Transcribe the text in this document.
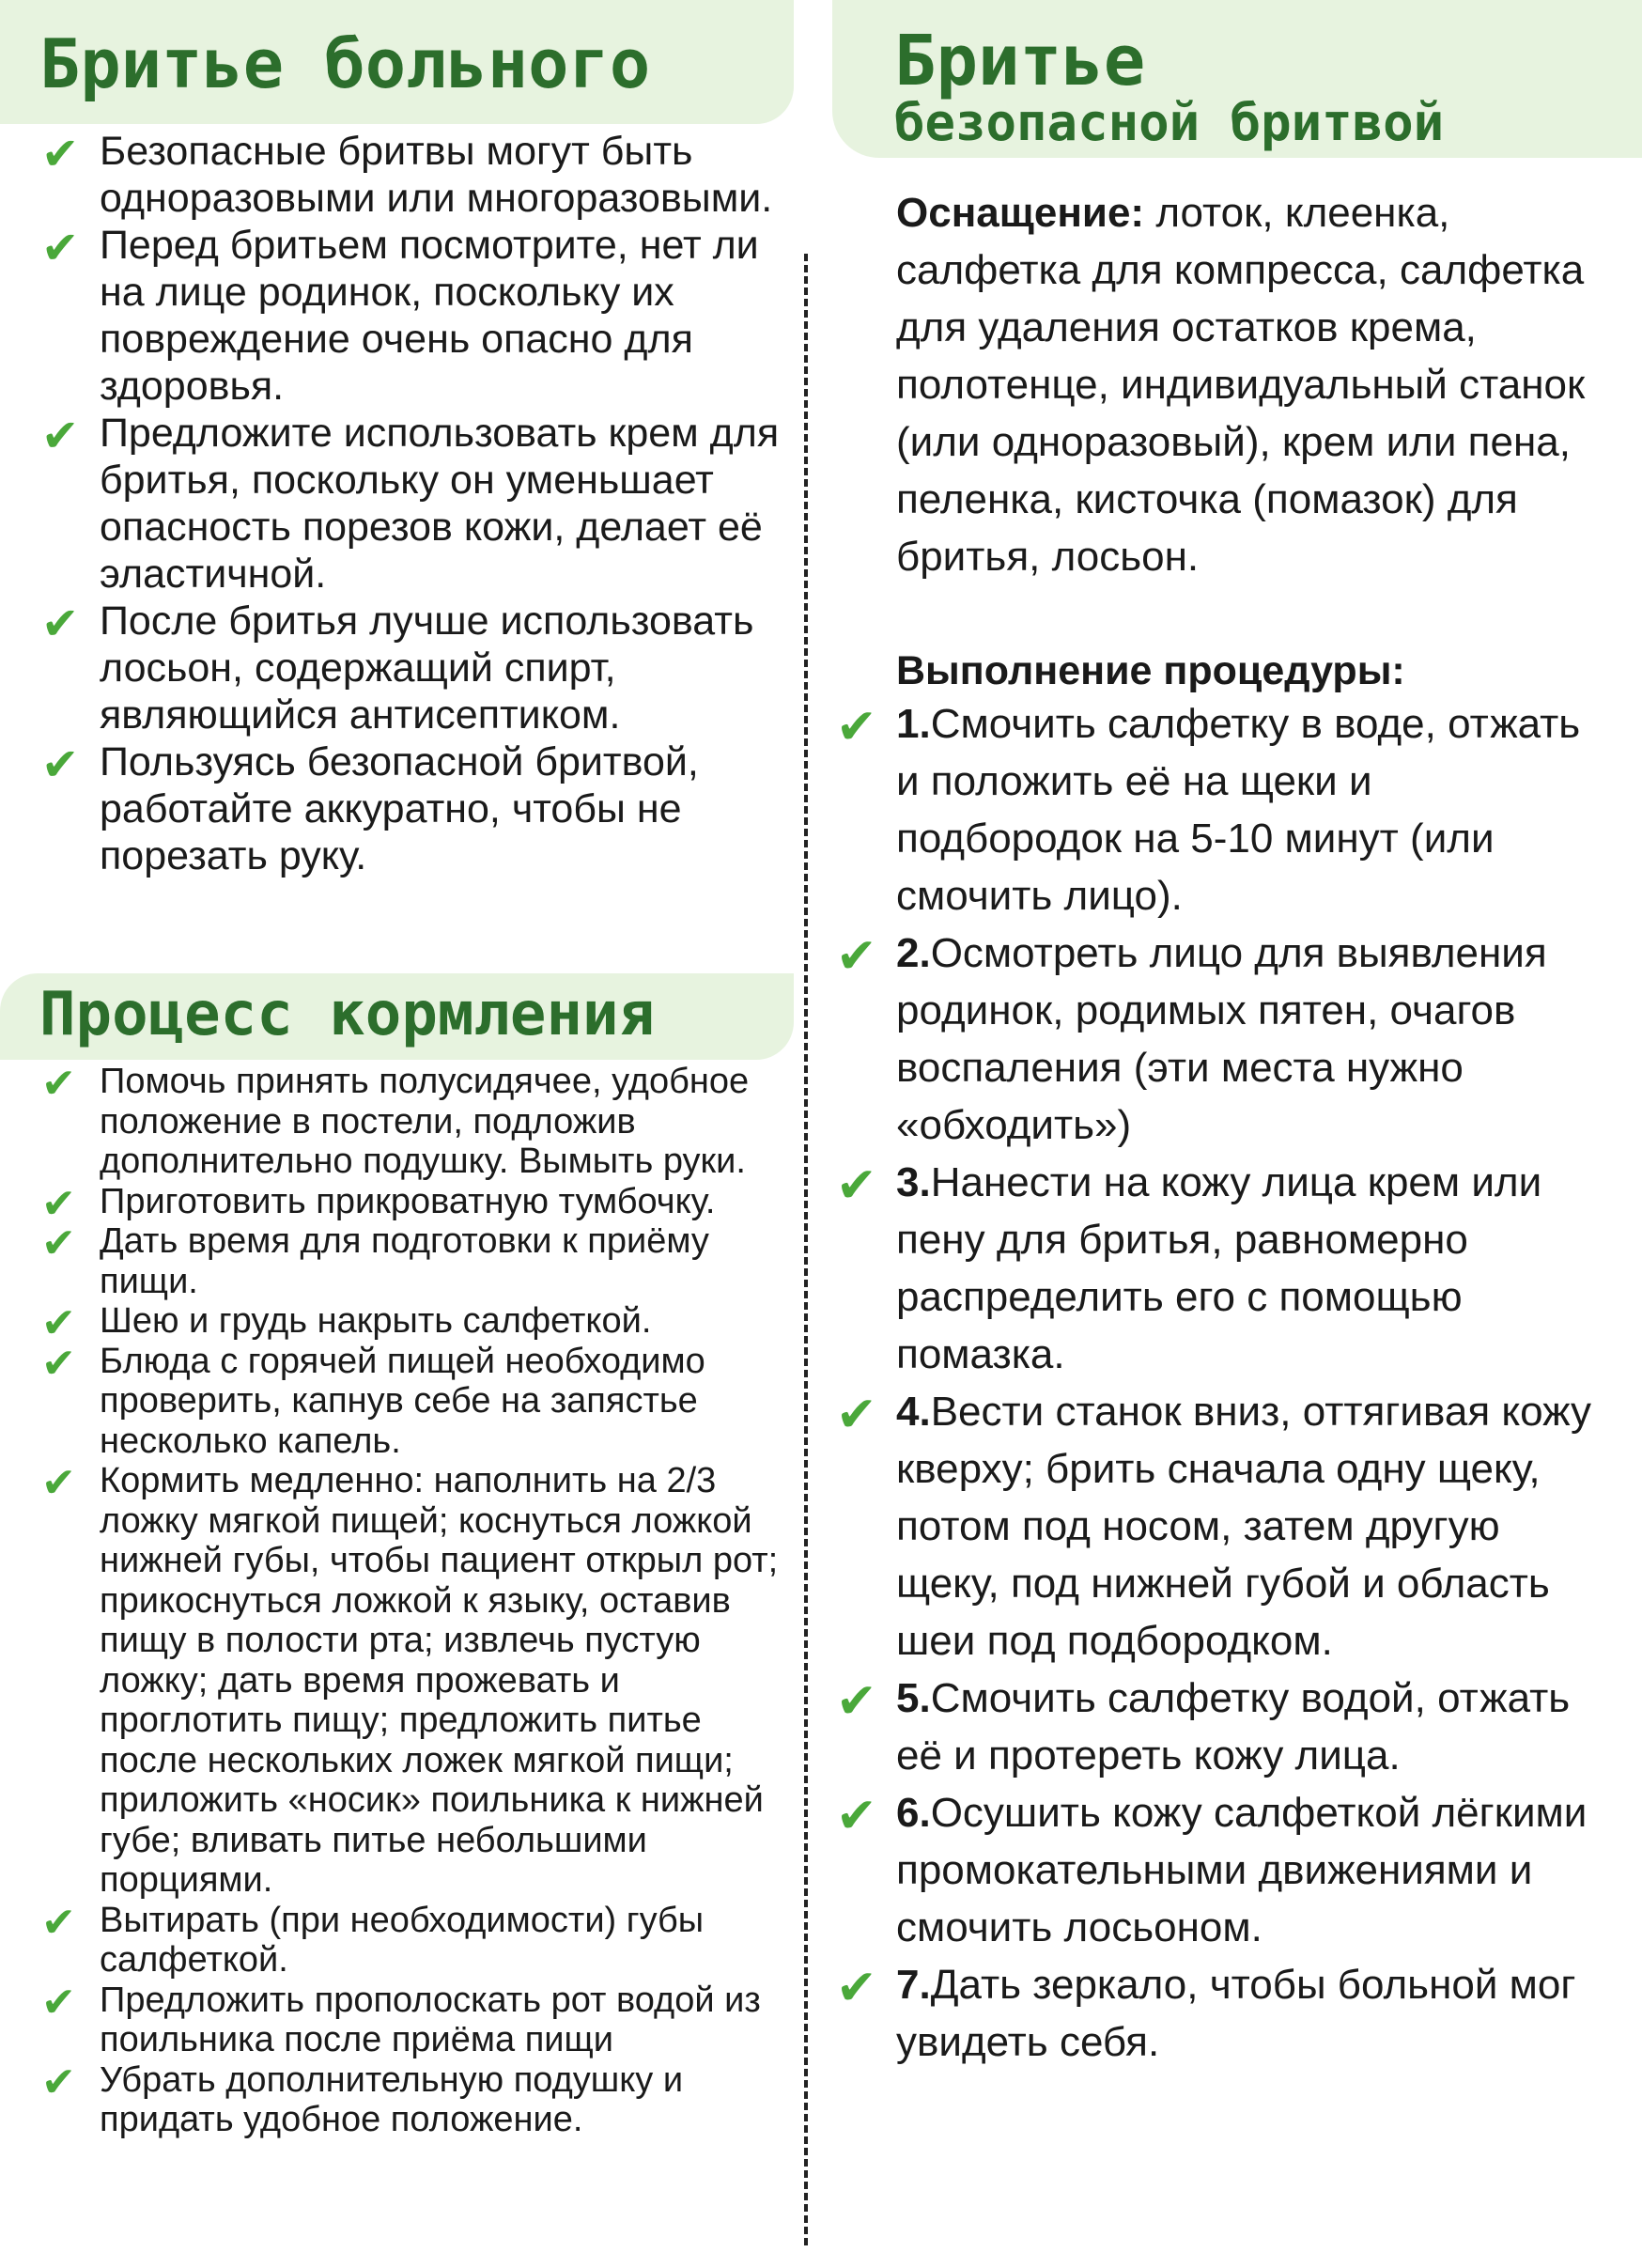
Бритье больного
✔ Безопасные бритвы могут быть одноразовыми или многоразовыми.
✔ Перед бритьем посмотрите, нет ли на лице родинок, поскольку их повреждение очень опасно для здоровья.
✔ Предложите использовать крем для бритья, поскольку он уменьшает опасность порезов кожи, делает её эластичной.
✔ После бритья лучше использовать лосьон, содержащий спирт, являющийся антисептиком.
✔ Пользуясь безопасной бритвой, работайте аккуратно, чтобы не порезать руку.
Процесс кормления
✔ Помочь принять полусидячее, удобное положение в постели, подложив дополнительно подушку. Вымыть руки.
✔ Приготовить прикроватную тумбочку.
✔ Дать время для подготовки к приёму пищи.
✔ Шею и грудь накрыть салфеткой.
✔ Блюда с горячей пищей необходимо проверить, капнув себе на запястье несколько капель.
✔ Кормить медленно: наполнить на 2/3 ложку мягкой пищей; коснуться ложкой нижней губы, чтобы пациент открыл рот; прикоснуться ложкой к языку, оставив пищу в полости рта; извлечь пустую ложку; дать время прожевать и проглотить пищу; предложить питье после нескольких ложек мягкой пищи; приложить «носик» поильника к нижней губе; вливать питье небольшими порциями.
✔ Вытирать (при необходимости) губы салфеткой.
✔ Предложить прополоскать рот водой из поильника после приёма пищи
✔ Убрать дополнительную подушку и придать удобное положение.
Бритье
безопасной бритвой

Оснащение: лоток, клеенка, салфетка для компресса, салфетка для удаления остатков крема, полотенце, индивидуальный станок (или одноразовый), крем или пена, пеленка, кисточка (помазок) для бритья, лосьон.

Выполнение процедуры:

✔ 1.Смочить салфетку в воде, отжать и положить её на щеки и подбородок на 5-10 минут (или смочить лицо).
✔ 2.Осмотреть лицо для выявления родинок, родимых пятен, очагов воспаления (эти места нужно «обходить»)
✔ 3.Нанести на кожу лица крем или пену для бритья, равномерно распределить его с помощью помазка.
✔ 4.Вести станок вниз, оттягивая кожу кверху; брить сначала одну щеку, потом под носом, затем другую щеку, под нижней губой и область шеи под подбородком.
✔ 5.Смочить салфетку водой, отжать её и протереть кожу лица.
✔ 6.Осушить кожу салфеткой лёгкими промокательными движениями и смочить лосьоном.
✔ 7.Дать зеркало, чтобы больной мог увидеть себя.
